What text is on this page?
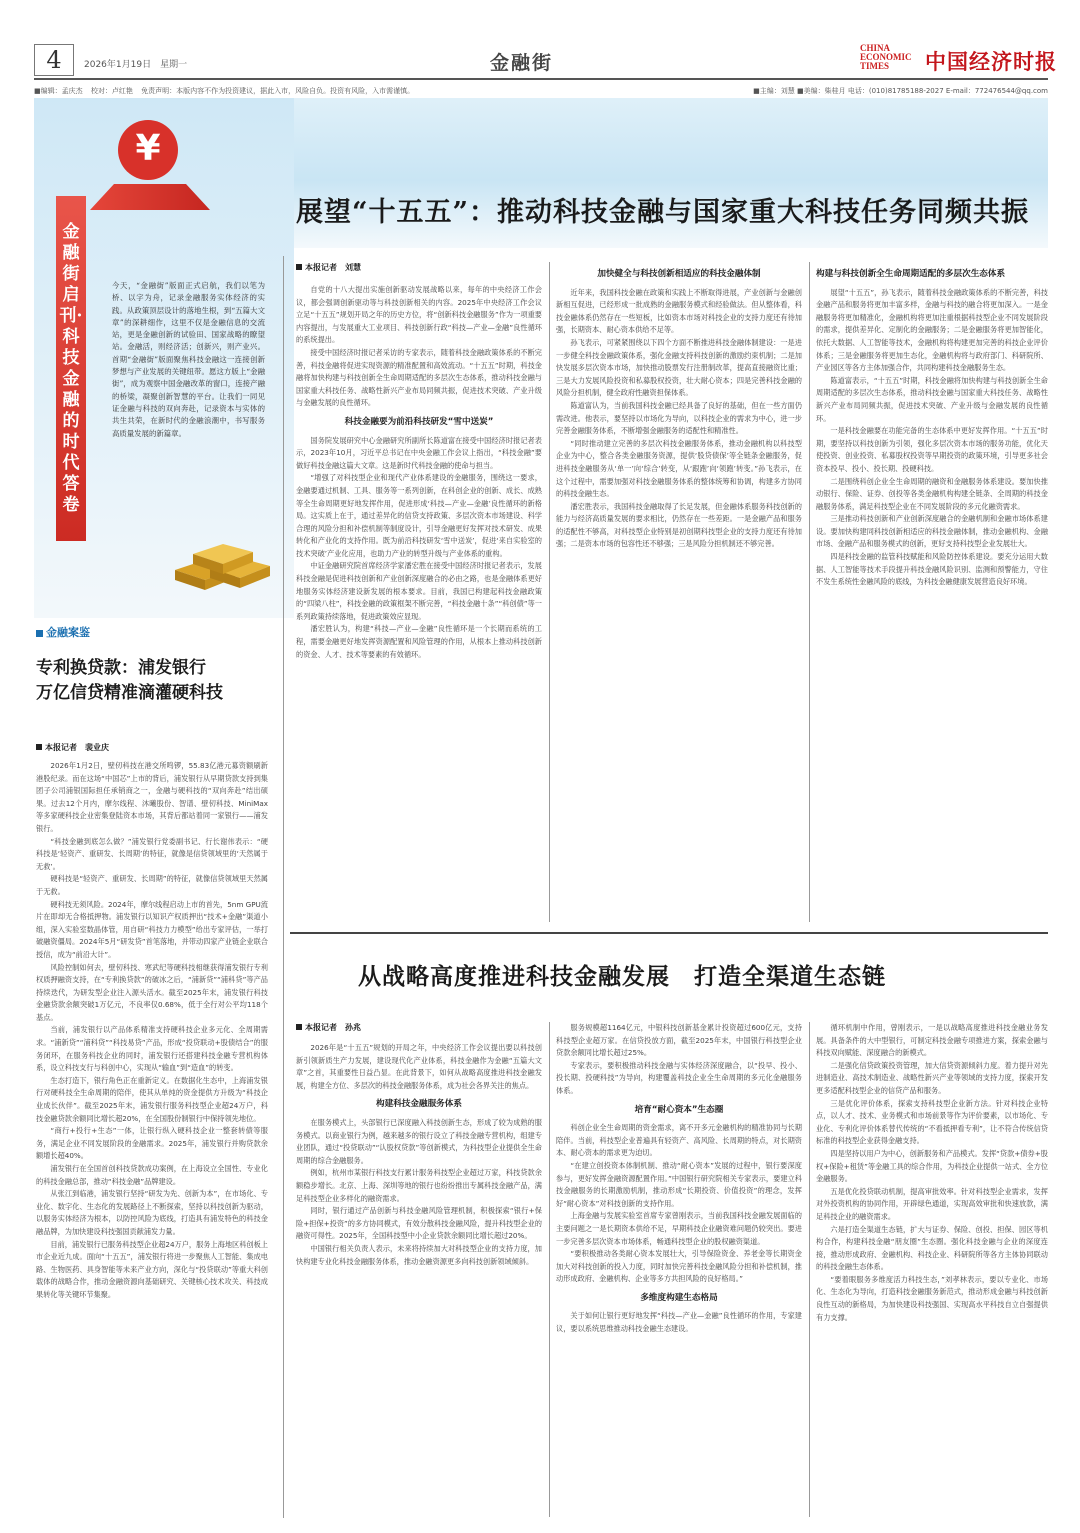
4	2026年1月19日　星期一	金融街
CHINA
ECONOMIC
TIMES	中国经济时报
■编辑：孟庆杰 校对：卢红艳 免责声明：本版内容不作为投资建议，据此入市，风险自负。投资有风险，入市需谨慎。	■主编：刘慧 ■美编：柴桂月 电话：(010)81785188-2027 E-mail：772476544@qq.com
¥
金融街启刊·科技金融的时代答卷
今天，“金融街”版面正式启航，我们以笔为桥、以字为舟，记录金融服务实体经济的实践。从政策顶层设计的落地生根，到“五篇大文章”的深耕细作，这里不仅是金融信息的交流站，更是金融创新的试验田、国家战略的瞭望站。金融活，则经济活；创新兴，则产业兴。首期“金融街”版面聚焦科技金融这一连接创新梦想与产业发展的关键纽带。愿这方版上“金融街”，成为观察中国金融改革的窗口，连接产融的桥梁，凝聚创新智慧的平台。让我们一同见证金融与科技的双向奔赴，记录资本与实体的共生共荣，在新时代的金融浪潮中，书写服务高质量发展的新篇章。
展望“十五五”：推动科技金融与国家重大科技任务同频共振
金融案鉴
专利换贷款：浦发银行
万亿信贷精准滴灌硬科技
本报记者　裴业庆

2026年1月2日，壁仞科技在港交所鸣锣，55.83亿港元募资额刷新港股纪录。而在这场“中国芯”上市的背后，浦发银行从早期贷款支持到集团子公司浦银国际担任承销商之一，金融与硬科技的“双向奔赴”结出硕果。过去12个月内，摩尔线程、沐曦股份、智谱、壁仞科技、MiniMax等多家硬科技企业密集登陆资本市场，其背后都站着同一家银行——浦发银行。

“科技金融到底怎么做？”浦发银行党委副书记、行长谢伟表示：“硬科技是‘轻资产、重研发、长周期’的特征，就像是信贷领域里的‘天然属于无救’。

硬科技是“轻资产、重研发、长周期”的特征，就像信贷领域里天然属于无救。

硬科技无须风险。2024年，摩尔线程启动上市的首先，5nm GPU流片在即却无合格抵押物。浦发银行以知识产权质押出“技术+金融”渠道小组，深入实验室数晶体管，用自研“科技力力模型”给出专家评估，一举打破融资僵局。2024年5月“研发贷”首笔落地，并带动四家产业链企业联合授信，成为“前沿大计”。

风险控制如何去，壁仞科技、寒武纪等硬科技相继获得浦发银行专利权质押融资支持，在“专利换贷款”的破冰之后，“浦新贷”“浦科贷”等产品持续迭代，为研发型企业注入源头活水。截至2025年末，浦发银行科技金融贷款余额突破1万亿元，不良率仅0.68%，低于全行对公平均118个基点。

当前，浦发银行以产品体系精准支持硬科技企业多元化、全周期需求。“浦新贷”“浦科贷”“科技易贷”产品，形成“投贷联动+股债结合”的服务闭环，在服务科技企业的同时，浦发银行还搭建科技金融专营机构体系，设立科技支行与科创中心，实现从“输血”到“造血”的转变。

生态打造下，银行角色正在重新定义。在数据化生态中，上海浦发银行对硬科技全生命周期的陪伴，使其从单纯的资金提供方升级为“科技企业成长伙伴”。截至2025年末，浦发银行服务科技型企业超24万户，科技金融贷款余额同比增长超20%，在全国股份制银行中保持领先地位。

“商行+投行+生态”一体，让银行纵入硬科技企业一整套转债等服务，满足企业不同发展阶段的金融需求。2025年，浦发银行并购贷款余额增长超40%。

浦发银行在全国首创科技贷款成功案例，在上海设立全国性、专业化的科技金融总部，推动“科技金融”品牌建设。

从张江到临港，浦发银行坚持“研发为先、创新为本”，在市场化、专业化、数字化、生态化的发展路径上不断探索，坚持以科技创新为驱动，以服务实体经济为根本，以防控风险为底线，打造具有浦发特色的科技金融品牌，为加快建设科技强国贡献浦发力量。

目前，浦发银行已服务科技型企业超24万户，服务上海地区科创板上市企业近九成。面向“十五五”，浦发银行将进一步聚焦人工智能、集成电路、生物医药、具身智能等未来产业方向，深化与“投贷联动”等重大科创载体的战略合作，推动金融资源向基础研究、关键核心技术攻关、科技成果转化等关键环节集聚。

本报记者　刘慧

自党的十八大提出实施创新驱动发展战略以来，每年的中央经济工作会议，都会强调创新驱动等与科技创新相关的内容。2025年中央经济工作会议立足“十五五”规划开局之年的历史方位，将“创新科技金融服务”作为一项重要内容提出，与发展重大工业项目、科技创新行政“科技—产业—金融”良性循环的系统提出。

接受中国经济时报记者采访的专家表示，随着科技金融政策体系的不断完善，科技金融将促进实现资源的精准配置和高效流动。“十五五”时期，科技金融将加快构建与科技创新全生命周期适配的多层次生态体系，推动科技金融与国家重大科技任务、战略性新兴产业布局同频共振，促进技术突破、产业升级与金融发展的良性循环。

科技金融要为前沿科技研发“雪中送炭”

国务院发展研究中心金融研究所副所长陈道富在接受中国经济时报记者表示，2023年10月，习近平总书记在中央金融工作会议上指出，“科技金融”要做好科技金融这篇大文章。这是新时代科技金融的使命与担当。

“增强了对科技型企业和现代产业体系建设的金融服务，围绕这一要求，金融要通过机制、工具、服务等一系列创新，在科创企业的创新、成长、成熟等全生命周期更好地发挥作用，促进形成‘科技—产业—金融’良性循环的新格局。这实质上在于，通过差异化的信贷支持政策、多层次资本市场建设、科学合理的风险分担和补偿机制等制度设计，引导金融更好发挥对技术研发、成果转化和产业化的支持作用。既为前沿科技研发‘雪中送炭’，促进‘来自实验室的技术突破’产业化应用，也助力产业的转型升级与产业体系的重构。

中证金融研究院首席经济学家潘宏胜在接受中国经济时报记者表示，发展科技金融是促进科技创新和产业创新深度融合的必由之路，也是金融体系更好地服务实体经济建设新发展的根本要求。目前，我国已构建起科技金融政策的“四梁八柱”，科技金融的政策框架不断完善，“科技金融十条”“科创债”等一系列政策持续落地，促进政策效应显现。

潘宏胜认为，构建“科技—产业—金融”良性循环是一个长期而系统的工程，需要金融更好地发挥资源配置和风险管理的作用，从根本上推动科技创新的资金、人才、技术等要素的有效循环。

加快健全与科技创新相适应的科技金融体制

近年来，我国科技金融在政策和实践上不断取得进展，产业创新与金融创新相互促进，已经形成一批成熟的金融服务模式和经验做法。但从整体看，科技金融体系仍然存在一些短板，比如资本市场对科技企业的支持力度还有待加强，长期资本、耐心资本供给不足等。

孙飞表示，可紧紧围绕以下四个方面不断推进科技金融体制建设：一是进一步健全科技金融政策体系，强化金融支持科技创新的激励约束机制；二是加快发展多层次资本市场，加快推动股票发行注册制改革，提高直接融资比重；三是大力发展风险投资和私募股权投资，壮大耐心资本；四是完善科技金融的风险分担机制，健全政府性融资担保体系。

陈道富认为，当前我国科技金融已经具备了良好的基础，但在一些方面仍需改进。他表示，要坚持以市场化为导向，以科技企业的需求为中心，进一步完善金融服务体系，不断增强金融服务的适配性和精准性。

“同时推动建立完善的多层次科技金融服务体系，推动金融机构以科技型企业为中心，整合各类金融服务资源，提供‘股贷债保’等全链条金融服务，促进科技金融服务从‘单一’向‘综合’转变，从‘跟跑’向‘领跑’转变。”孙飞表示，在这个过程中，需要加强对科技金融服务体系的整体统筹和协调，构建多方协同的科技金融生态。

潘宏胜表示，我国科技金融取得了长足发展，但金融体系服务科技创新的能力与经济高质量发展的要求相比，仍然存在一些差距。一是金融产品和服务的适配性不够高，对科技型企业特别是初创期科技型企业的支持力度还有待加强；二是资本市场的包容性还不够强；三是风险分担机制还不够完善。

构建与科技创新全生命周期适配的多层次生态体系

展望“十五五”，孙飞表示，随着科技金融政策体系的不断完善，科技金融产品和服务将更加丰富多样，金融与科技的融合将更加深入。一是金融服务将更加精准化，金融机构将更加注重根据科技型企业不同发展阶段的需求，提供差异化、定制化的金融服务；二是金融服务将更加智能化，依托大数据、人工智能等技术，金融机构将构建更加完善的科技企业评价体系；三是金融服务将更加生态化，金融机构将与政府部门、科研院所、产业园区等各方主体加强合作，共同构建科技金融服务生态。

陈道富表示，“十五五”时期，科技金融将加快构建与科技创新全生命周期适配的多层次生态体系，推动科技金融与国家重大科技任务、战略性新兴产业布局同频共振，促进技术突破、产业升级与金融发展的良性循环。

一是科技金融要在功能完备的生态体系中更好发挥作用。“十五五”时期，要坚持以科技创新为引领，强化多层次资本市场的服务功能，优化天使投资、创业投资、私募股权投资等早期投资的政策环境，引导更多社会资本投早、投小、投长期、投硬科技。

二是围绕科创企业全生命周期的融资和金融服务体系建设。要加快推动银行、保险、证券、创投等各类金融机构构建全链条、全周期的科技金融服务体系，满足科技型企业在不同发展阶段的多元化融资需求。

三是推动科技创新和产业创新深度融合的金融机制和金融市场体系建设。要加快构建同科技创新相适应的科技金融体制，推动金融机构、金融市场、金融产品和服务模式的创新，更好支持科技型企业发展壮大。

四是科技金融的监管科技赋能和风险防控体系建设。要充分运用大数据、人工智能等技术手段提升科技金融风险识别、监测和预警能力，守住不发生系统性金融风险的底线，为科技金融健康发展营造良好环境。

从战略高度推进科技金融发展　打造全渠道生态链
本报记者　孙兆

2026年是“十五五”规划的开局之年，中央经济工作会议提出要以科技创新引领新质生产力发展，建设现代化产业体系，科技金融作为金融“五篇大文章”之首，其重要性日益凸显。在此背景下，如何从战略高度推进科技金融发展，构建全方位、多层次的科技金融服务体系，成为社会各界关注的焦点。

构建科技金融服务体系

在服务模式上，头部银行已深度融入科技创新生态，形成了较为成熟的服务模式。以商业银行为例，越来越多的银行设立了科技金融专营机构，组建专业团队，通过“投贷联动”“认股权贷款”等创新模式，为科技型企业提供全生命周期的综合金融服务。

例如，杭州市某银行科技支行累计服务科技型企业超过万家，科技贷款余额稳步增长。北京、上海、深圳等地的银行也纷纷推出专属科技金融产品，满足科技型企业多样化的融资需求。

同时，银行通过产品创新与科技金融风险管理机制，积极探索“银行+保险+担保+投资”的多方协同模式，有效分散科技金融风险，提升科技型企业的融资可得性。2025年，全国科技型中小企业贷款余额同比增长超过20%。

中国银行相关负责人表示，未来将持续加大对科技型企业的支持力度，加快构建专业化科技金融服务体系，推动金融资源更多向科技创新领域倾斜。

服务规模超1164亿元，中银科技创新基金累计投资超过600亿元，支持科技型企业超万家。在信贷投放方面，截至2025年末，中国银行科技型企业贷款余额同比增长超过25%。

专家表示，要积极推动科技金融与实体经济深度融合，以“投早、投小、投长期、投硬科技”为导向，构建覆盖科技企业全生命周期的多元化金融服务体系。

培育“耐心资本”生态圈

科创企业全生命周期的资金需求，离不开多元金融机构的精准协同与长期陪伴。当前，科技型企业普遍具有轻资产、高风险、长周期的特点，对长期资本、耐心资本的需求更为迫切。

“在建立创投资本体制机制、推动“耐心资本”发展的过程中，银行要深度参与，更好发挥金融资源配置作用。”中国银行研究院相关专家表示，要建立科技金融服务的长期激励机制，推动形成“长期投资、价值投资”的理念，发挥好“耐心资本”对科技创新的支持作用。

上海金融与发展实验室首席专家曾刚表示，当前我国科技金融发展面临的主要问题之一是长期资本供给不足，早期科技企业融资难问题仍较突出。要进一步完善多层次资本市场体系，畅通科技型企业的股权融资渠道。

“要积极推动各类耐心资本发展壮大，引导保险资金、养老金等长期资金加大对科技创新的投入力度，同时加快完善科技金融风险分担和补偿机制，推动形成政府、金融机构、企业等多方共担风险的良好格局。”

多维度构建生态格局

关于如何让银行更好地发挥“科技—产业—金融”良性循环的作用，专家建议，要以系统思维推动科技金融生态建设。

循环机制中作用，曾刚表示，一是以战略高度推进科技金融业务发展。具备条件的大中型银行，可制定科技金融专项推进方案，探索金融与科技双向赋能、深度融合的新模式。

二是强化信贷政策投资管理，加大信贷资源倾斜力度。着力提升对先进制造业、高技术制造业、战略性新兴产业等领域的支持力度，探索开发更多适配科技型企业的信贷产品和服务。

三是优化评价体系，探索支持科技型企业新方法。针对科技企业特点，以人才、技术、业务模式和市场前景等作为评价要素，以市场化、专业化、专利化评价体系替代传统的“不看抵押看专利”，让不符合传统信贷标准的科技型企业获得金融支持。

四是坚持以用户为中心，创新服务和产品模式。发挥“贷款+债券+股权+保险+租赁”等金融工具的综合作用，为科技企业提供一站式、全方位金融服务。

五是优化投贷联动机制，提高审批效率。针对科技型企业需求，发挥对外投资机构的协同作用，开辟绿色通道，实现高效审批和快速放款，满足科技企业的融资需求。

六是打造全渠道生态链，扩大与证券、保险、创投、担保、园区等机构合作，构建科技金融“朋友圈”生态圈。强化科技金融与企业的深度连接，推动形成政府、金融机构、科技企业、科研院所等各方主体协同联动的科技金融生态体系。

“要着眼服务多维度活力科技生态，”刘孝林表示，要以专业化、市场化、生态化为导向，打造科技金融服务新范式，推动形成金融与科技创新良性互动的新格局，为加快建设科技强国、实现高水平科技自立自强提供有力支撑。
